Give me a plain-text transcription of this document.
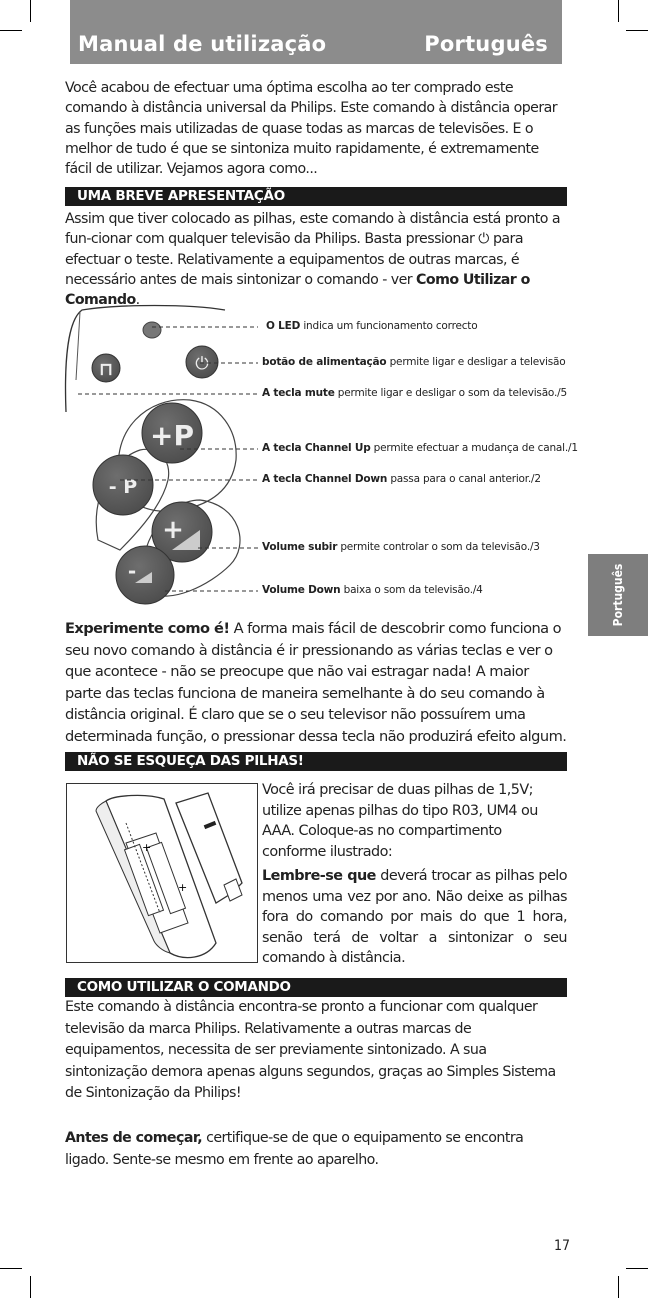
Manual de utilização	Português

Você acabou de efectuar uma óptima escolha ao ter comprado este comando à distância universal da Philips. Este comando à distância operar as funções mais utilizadas de quase todas as marcas de televisões. E o melhor de tudo é que se sintoniza muito rapidamente, é extremamente fácil de utilizar. Vejamos agora como...

UMA BREVE APRESENTAÇÃO

Assim que tiver colocado as pilhas, este comando à distância está pronto a fun-cionar com qualquer televisão da Philips. Basta pressionar ⏻ para efectuar o teste. Relativamente a equipamentos de outras marcas, é necessário antes de mais sintonizar o comando - ver Como Utilizar o Comando.

⊓	⏻
+P
- P
+
-
O LED indica um funcionamento correcto
botão de alimentação permite ligar e desligar a televisão
A tecla mute permite ligar e desligar o som da televisão./5
A tecla Channel Up permite efectuar a mudança de canal./1
A tecla Channel Down passa para o canal anterior./2
Volume subir permite controlar o som da televisão./3
Volume Down baixa o som da televisão./4	Português

Experimente como é! A forma mais fácil de descobrir como funciona o seu novo comando à distância é ir pressionando as várias teclas e ver o que acontece - não se preocupe que não vai estragar nada! A maior parte das teclas funciona de maneira semelhante à do seu comando à distância original. É claro que se o seu televisor não possuírem uma determinada função, o pressionar dessa tecla não produzirá efeito algum.

NÃO SE ESQUEÇA DAS PILHAS!
+
+

Você irá precisar de duas pilhas de 1,5V; utilize apenas pilhas do tipo R03, UM4 ou AAA. Coloque-as no compartimento conforme ilustrado:

Lembre-se que deverá trocar as pilhas pelo menos uma vez por ano. Não deixe as pilhas fora do comando por mais do que 1 hora, senão terá de voltar a sintonizar o seu comando à distância.

COMO UTILIZAR O COMANDO

Este comando à distância encontra-se pronto a funcionar com qualquer televisão da marca Philips. Relativamente a outras marcas de equipamentos, necessita de ser previamente sintonizado. A sua sintonização demora apenas alguns segundos, graças ao Simples Sistema de Sintonização da Philips!

Antes de começar, certifique-se de que o equipamento se encontra ligado. Sente-se mesmo em frente ao aparelho.

17
